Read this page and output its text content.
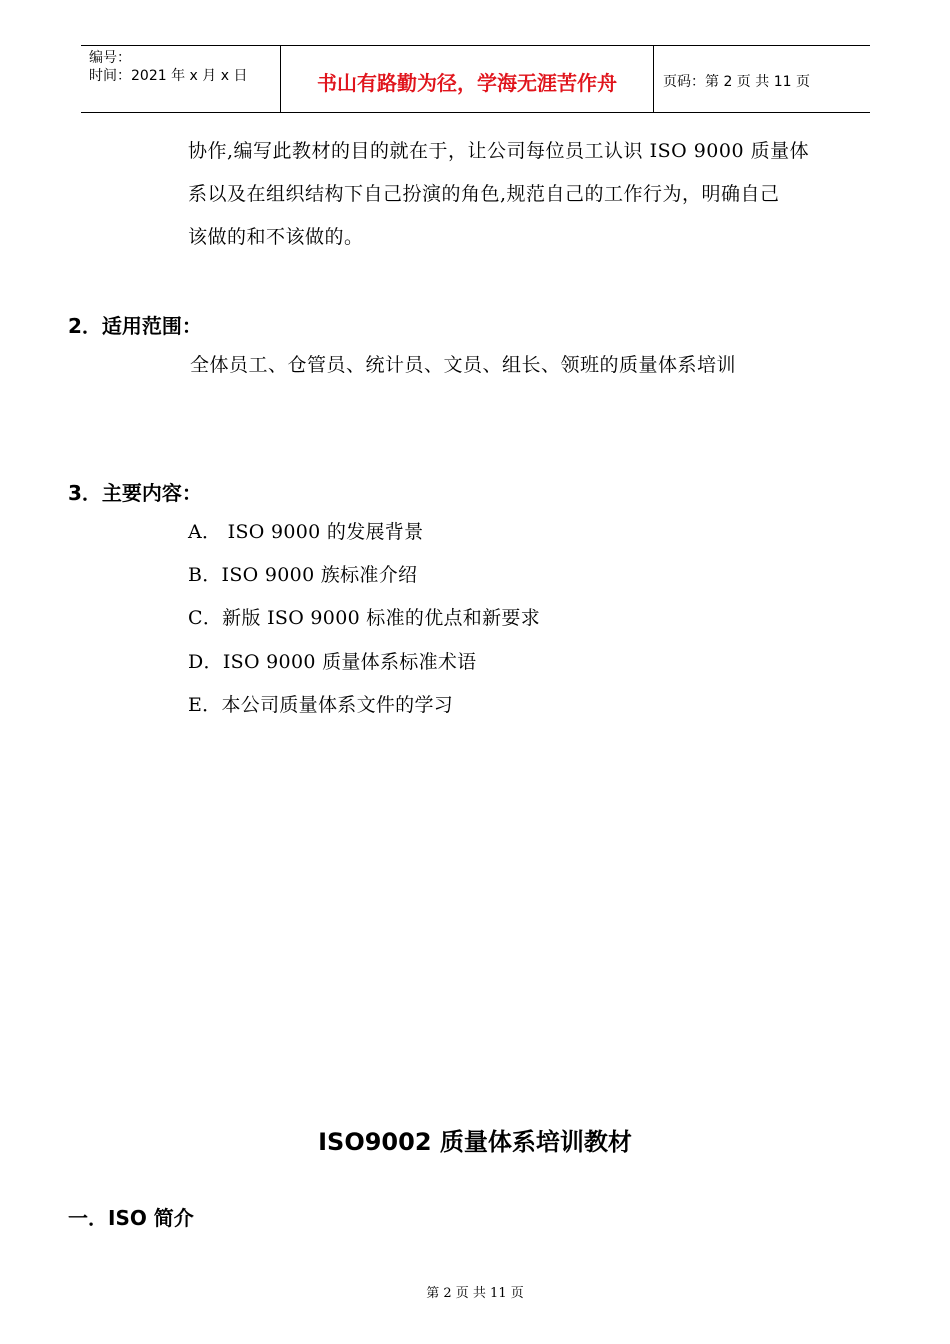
编号：
时间：2021 年 x 月 x 日	书山有路勤为径，学海无涯苦作舟	页码：第 2 页 共 11 页
协作,编写此教材的目的就在于，让公司每位员工认识 ISO 9000 质量体
系以及在组织结构下自己扮演的角色,规范自己的工作行为，明确自己
该做的和不该做的。
2．适用范围：
全体员工、仓管员、统计员、文员、组长、领班的质量体系培训
3．主要内容：
A． ISO 9000 的发展背景
B．ISO 9000 族标准介绍
C．新版 ISO 9000 标准的优点和新要求
D．ISO 9000 质量体系标准术语
E．本公司质量体系文件的学习
ISO9002 质量体系培训教材
一．ISO 简介
第 2 页 共 11 页
